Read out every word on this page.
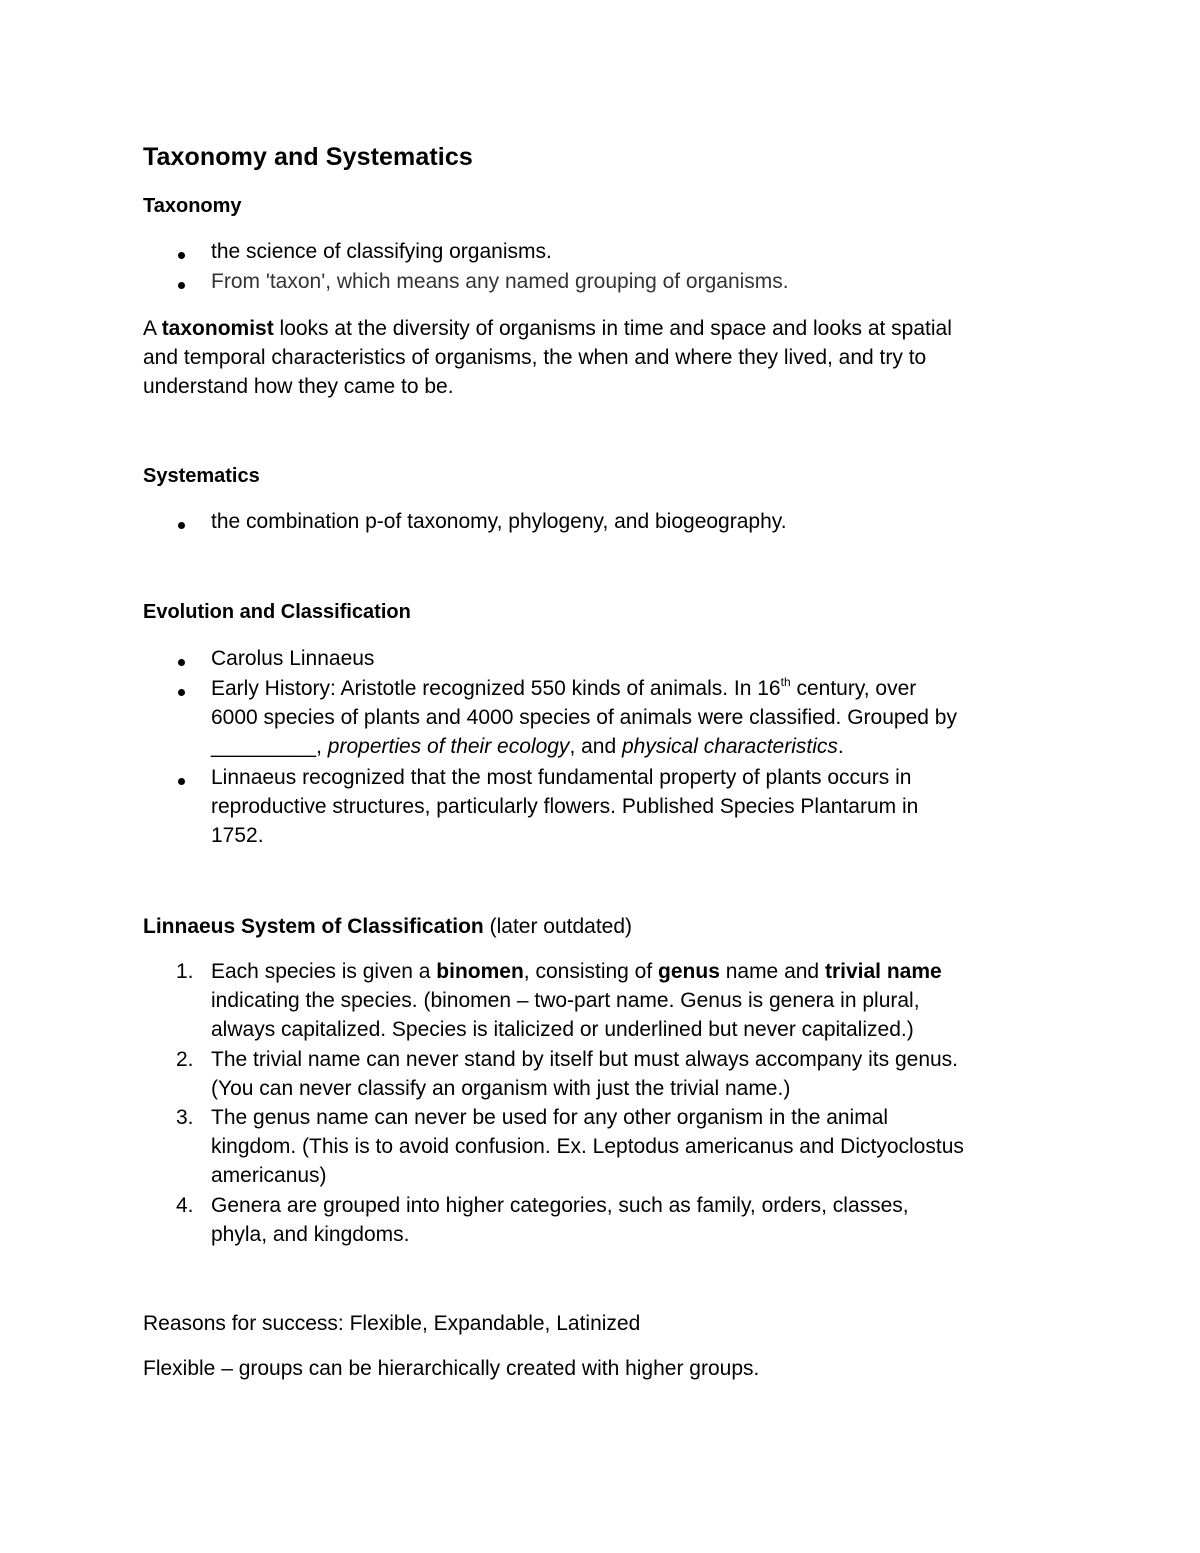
Taxonomy and Systematics
Taxonomy
the science of classifying organisms.
From 'taxon', which means any named grouping of organisms.
A taxonomist looks at the diversity of organisms in time and space and looks at spatial
and temporal characteristics of organisms, the when and where they lived, and try to
understand how they came to be.
Systematics
the combination p-of taxonomy, phylogeny, and biogeography.
Evolution and Classification
Carolus Linnaeus
Early History: Aristotle recognized 550 kinds of animals. In 16th century, over
6000 species of plants and 4000 species of animals were classified. Grouped by
_________, properties of their ecology, and physical characteristics.
Linnaeus recognized that the most fundamental property of plants occurs in
reproductive structures, particularly flowers. Published Species Plantarum in
1752.
Linnaeus System of Classification (later outdated)
1. Each species is given a binomen, consisting of genus name and trivial name
indicating the species. (binomen – two-part name. Genus is genera in plural,
always capitalized. Species is italicized or underlined but never capitalized.)
2. The trivial name can never stand by itself but must always accompany its genus.
(You can never classify an organism with just the trivial name.)
3. The genus name can never be used for any other organism in the animal
kingdom. (This is to avoid confusion. Ex. Leptodus americanus and Dictyoclostus
americanus)
4. Genera are grouped into higher categories, such as family, orders, classes,
phyla, and kingdoms.
Reasons for success: Flexible, Expandable, Latinized
Flexible – groups can be hierarchically created with higher groups.
